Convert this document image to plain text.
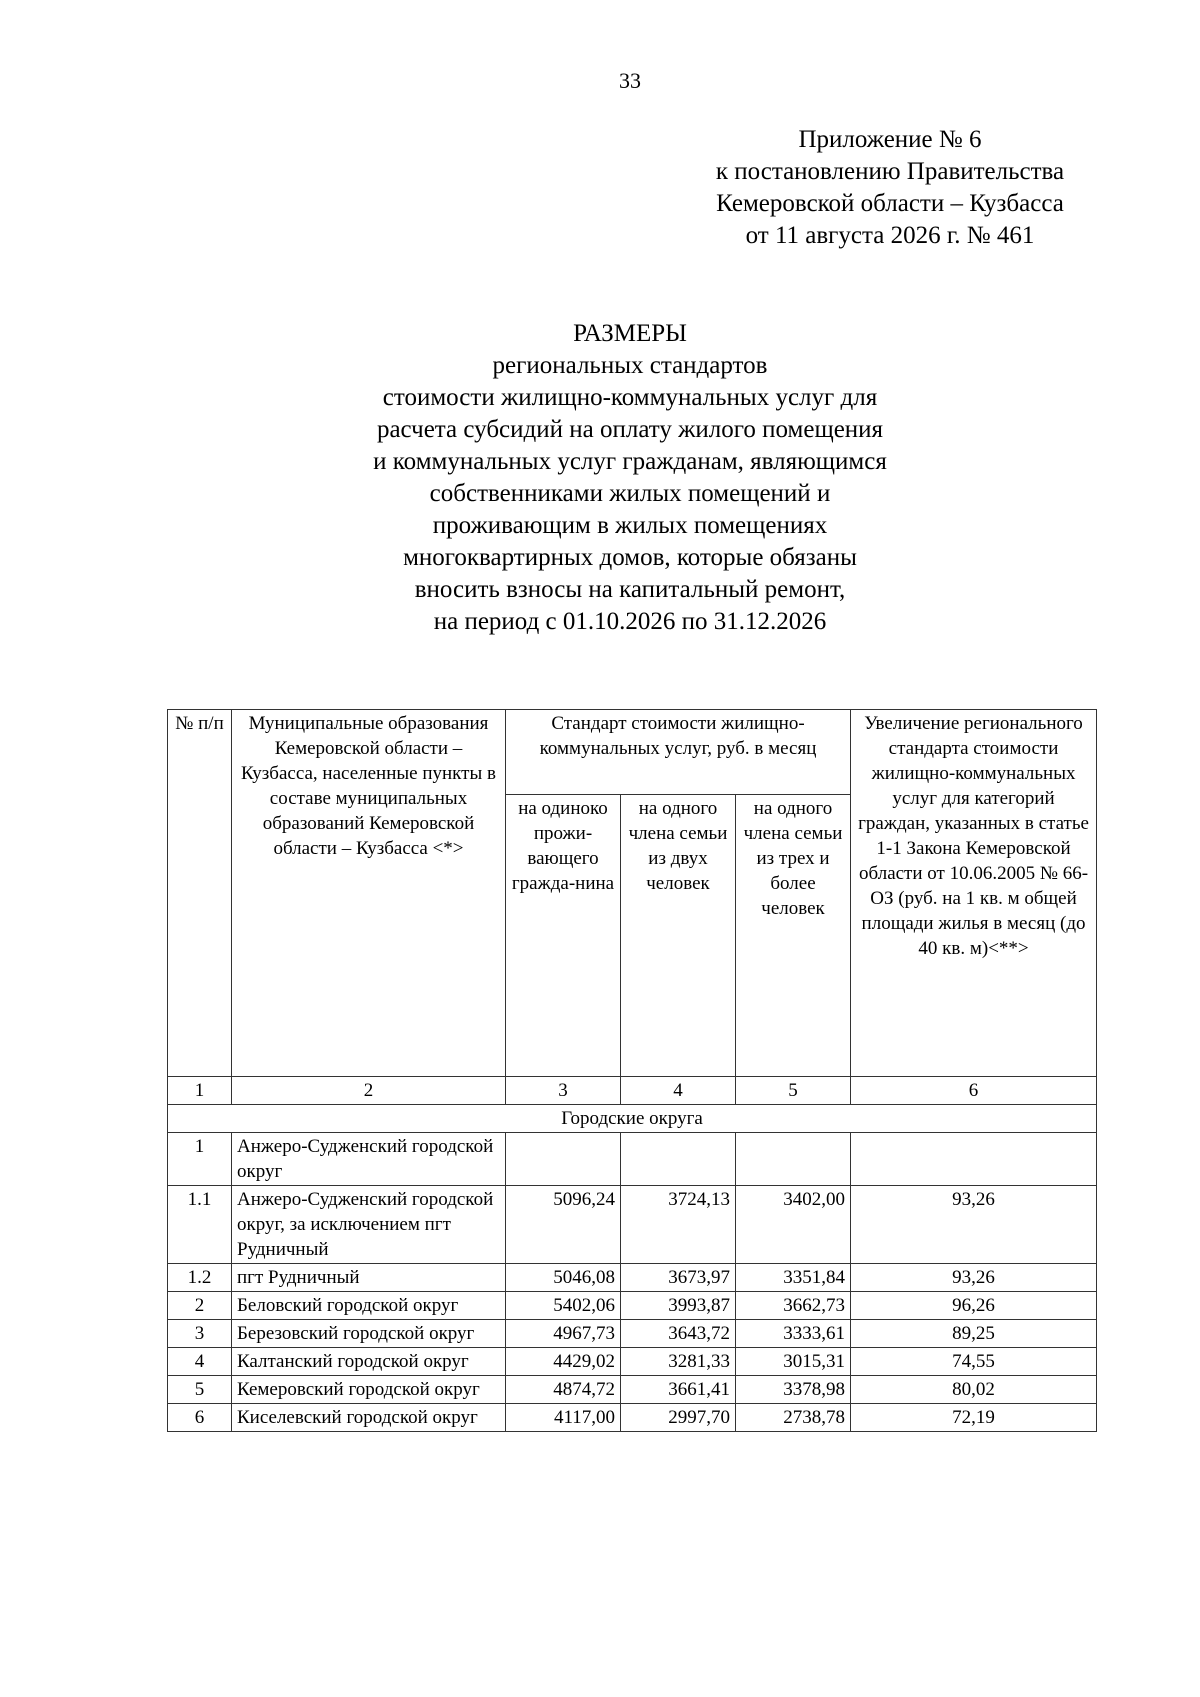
33
Приложение № 6
к постановлению Правительства
Кемеровской области – Кузбасса
от 11 августа 2026 г. № 461
РАЗМЕРЫ
региональных стандартов
стоимости жилищно-коммунальных услуг для
расчета субсидий на оплату жилого помещения
и коммунальных услуг гражданам, являющимся
собственниками жилых помещений и
проживающим в жилых помещениях
многоквартирных домов, которые обязаны
вносить взносы на капитальный ремонт,
на период с 01.10.2026 по 31.12.2026
№ п/п	Муниципальные образования Кемеровской области – Кузбасса, населенные пункты в составе муниципальных образований Кемеровской области – Кузбасса <*>	Стандарт стоимости жилищно-коммунальных услуг, руб. в месяц			Увеличение регионального стандарта стоимости жилищно-коммунальных услуг для категорий граждан, указанных в статье 1-1 Закона Кемеровской области от 10.06.2005 № 66-ОЗ (руб. на 1 кв. м общей площади жилья в месяц (до 40 кв. м)<**>
		на одиноко прожи-вающего гражда-нина	на одного члена семьи из двух человек	на одного члена семьи из трех и более человек	
1	2	3	4	5	6
Городские округа					
1	Анжеро-Судженский городской округ				
1.1	Анжеро-Судженский городской округ, за исключением пгт Рудничный	5096,24	3724,13	3402,00	93,26
1.2	пгт Рудничный	5046,08	3673,97	3351,84	93,26
2	Беловский городской округ	5402,06	3993,87	3662,73	96,26
3	Березовский городской округ	4967,73	3643,72	3333,61	89,25
4	Калтанский городской округ	4429,02	3281,33	3015,31	74,55
5	Кемеровский городской округ	4874,72	3661,41	3378,98	80,02
6	Киселевский городской округ	4117,00	2997,70	2738,78	72,19
